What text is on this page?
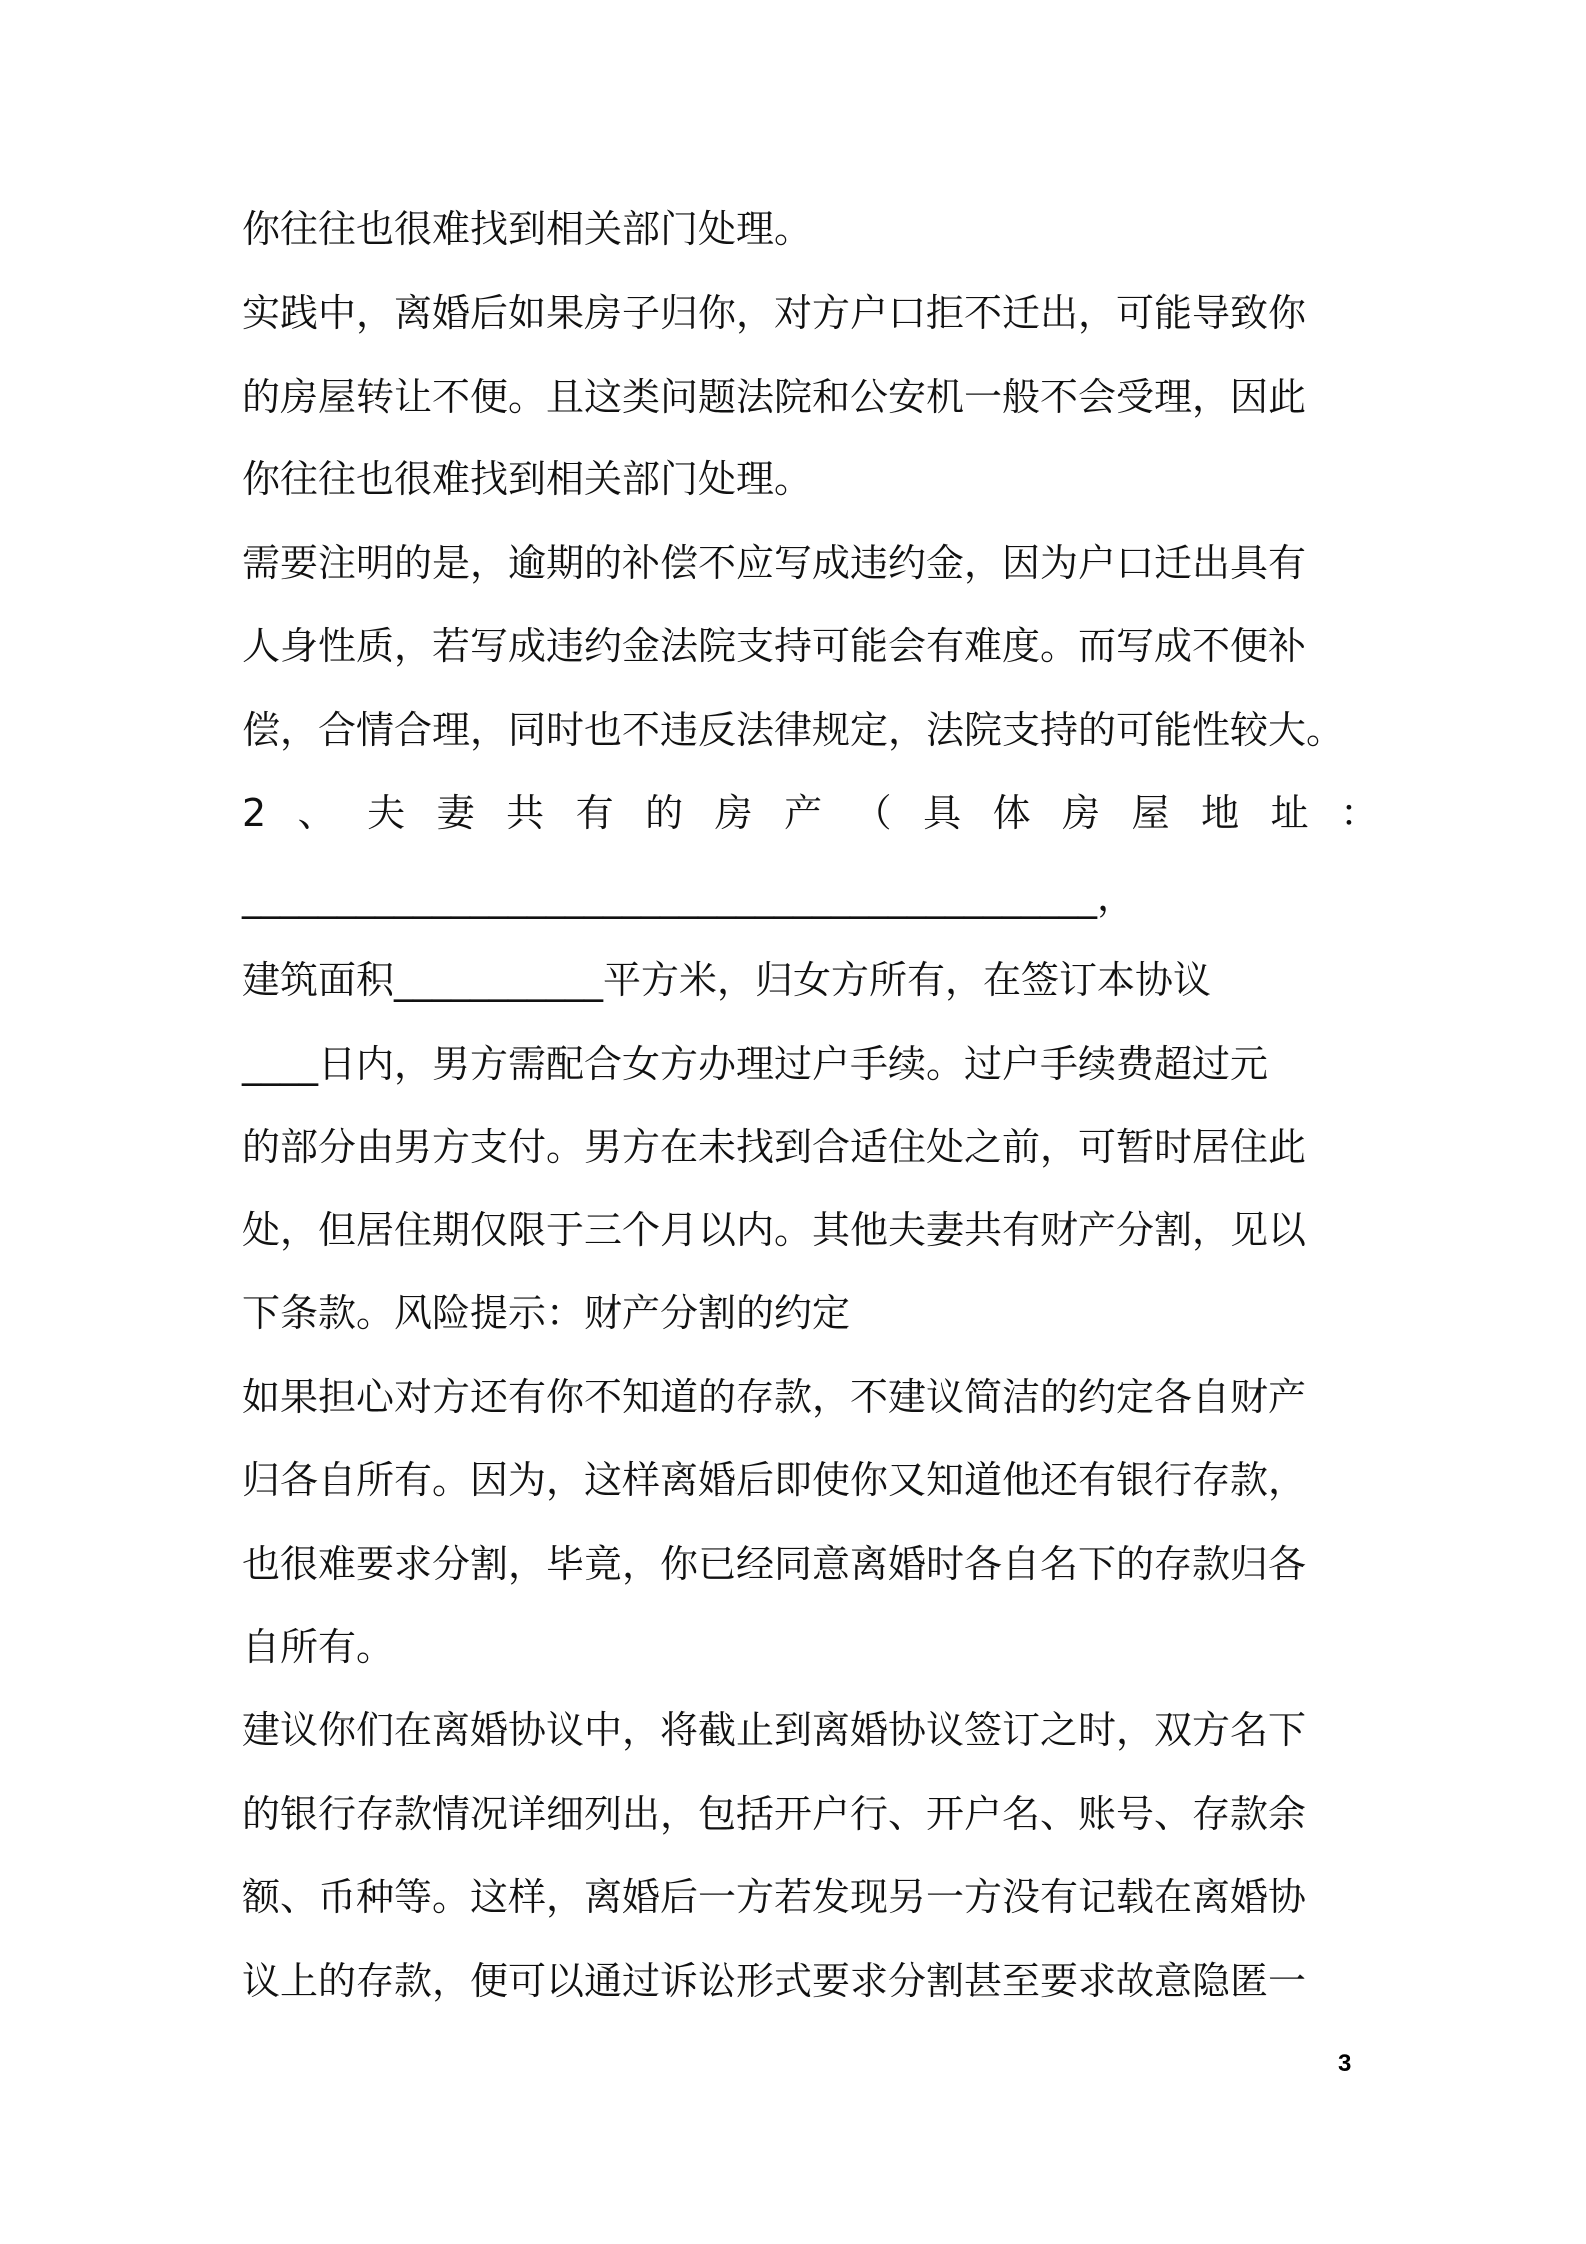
你往往也很难找到相关部门处理。
实践中，离婚后如果房子归你，对方户口拒不迁出，可能导致你
的房屋转让不便。且这类问题法院和公安机一般不会受理，因此
你往往也很难找到相关部门处理。
需要注明的是，逾期的补偿不应写成违约金，因为户口迁出具有
人身性质，若写成违约金法院支持可能会有难度。而写成不便补
偿，合情合理，同时也不违反法律规定，法院支持的可能性较大。
2、夫妻共有的房产（具体房屋地址：
_____________________________________________，
建筑面积___________平方米，归女方所有，在签订本协议
____日内，男方需配合女方办理过户手续。过户手续费超过元
的部分由男方支付。男方在未找到合适住处之前，可暂时居住此
处，但居住期仅限于三个月以内。其他夫妻共有财产分割，见以
下条款。风险提示：财产分割的约定
如果担心对方还有你不知道的存款，不建议简洁的约定各自财产
归各自所有。因为，这样离婚后即使你又知道他还有银行存款，
也很难要求分割，毕竟，你已经同意离婚时各自名下的存款归各
自所有。
建议你们在离婚协议中，将截止到离婚协议签订之时，双方名下
的银行存款情况详细列出，包括开户行、开户名、账号、存款余
额、币种等。这样，离婚后一方若发现另一方没有记载在离婚协
议上的存款，便可以通过诉讼形式要求分割甚至要求故意隐匿一
3
